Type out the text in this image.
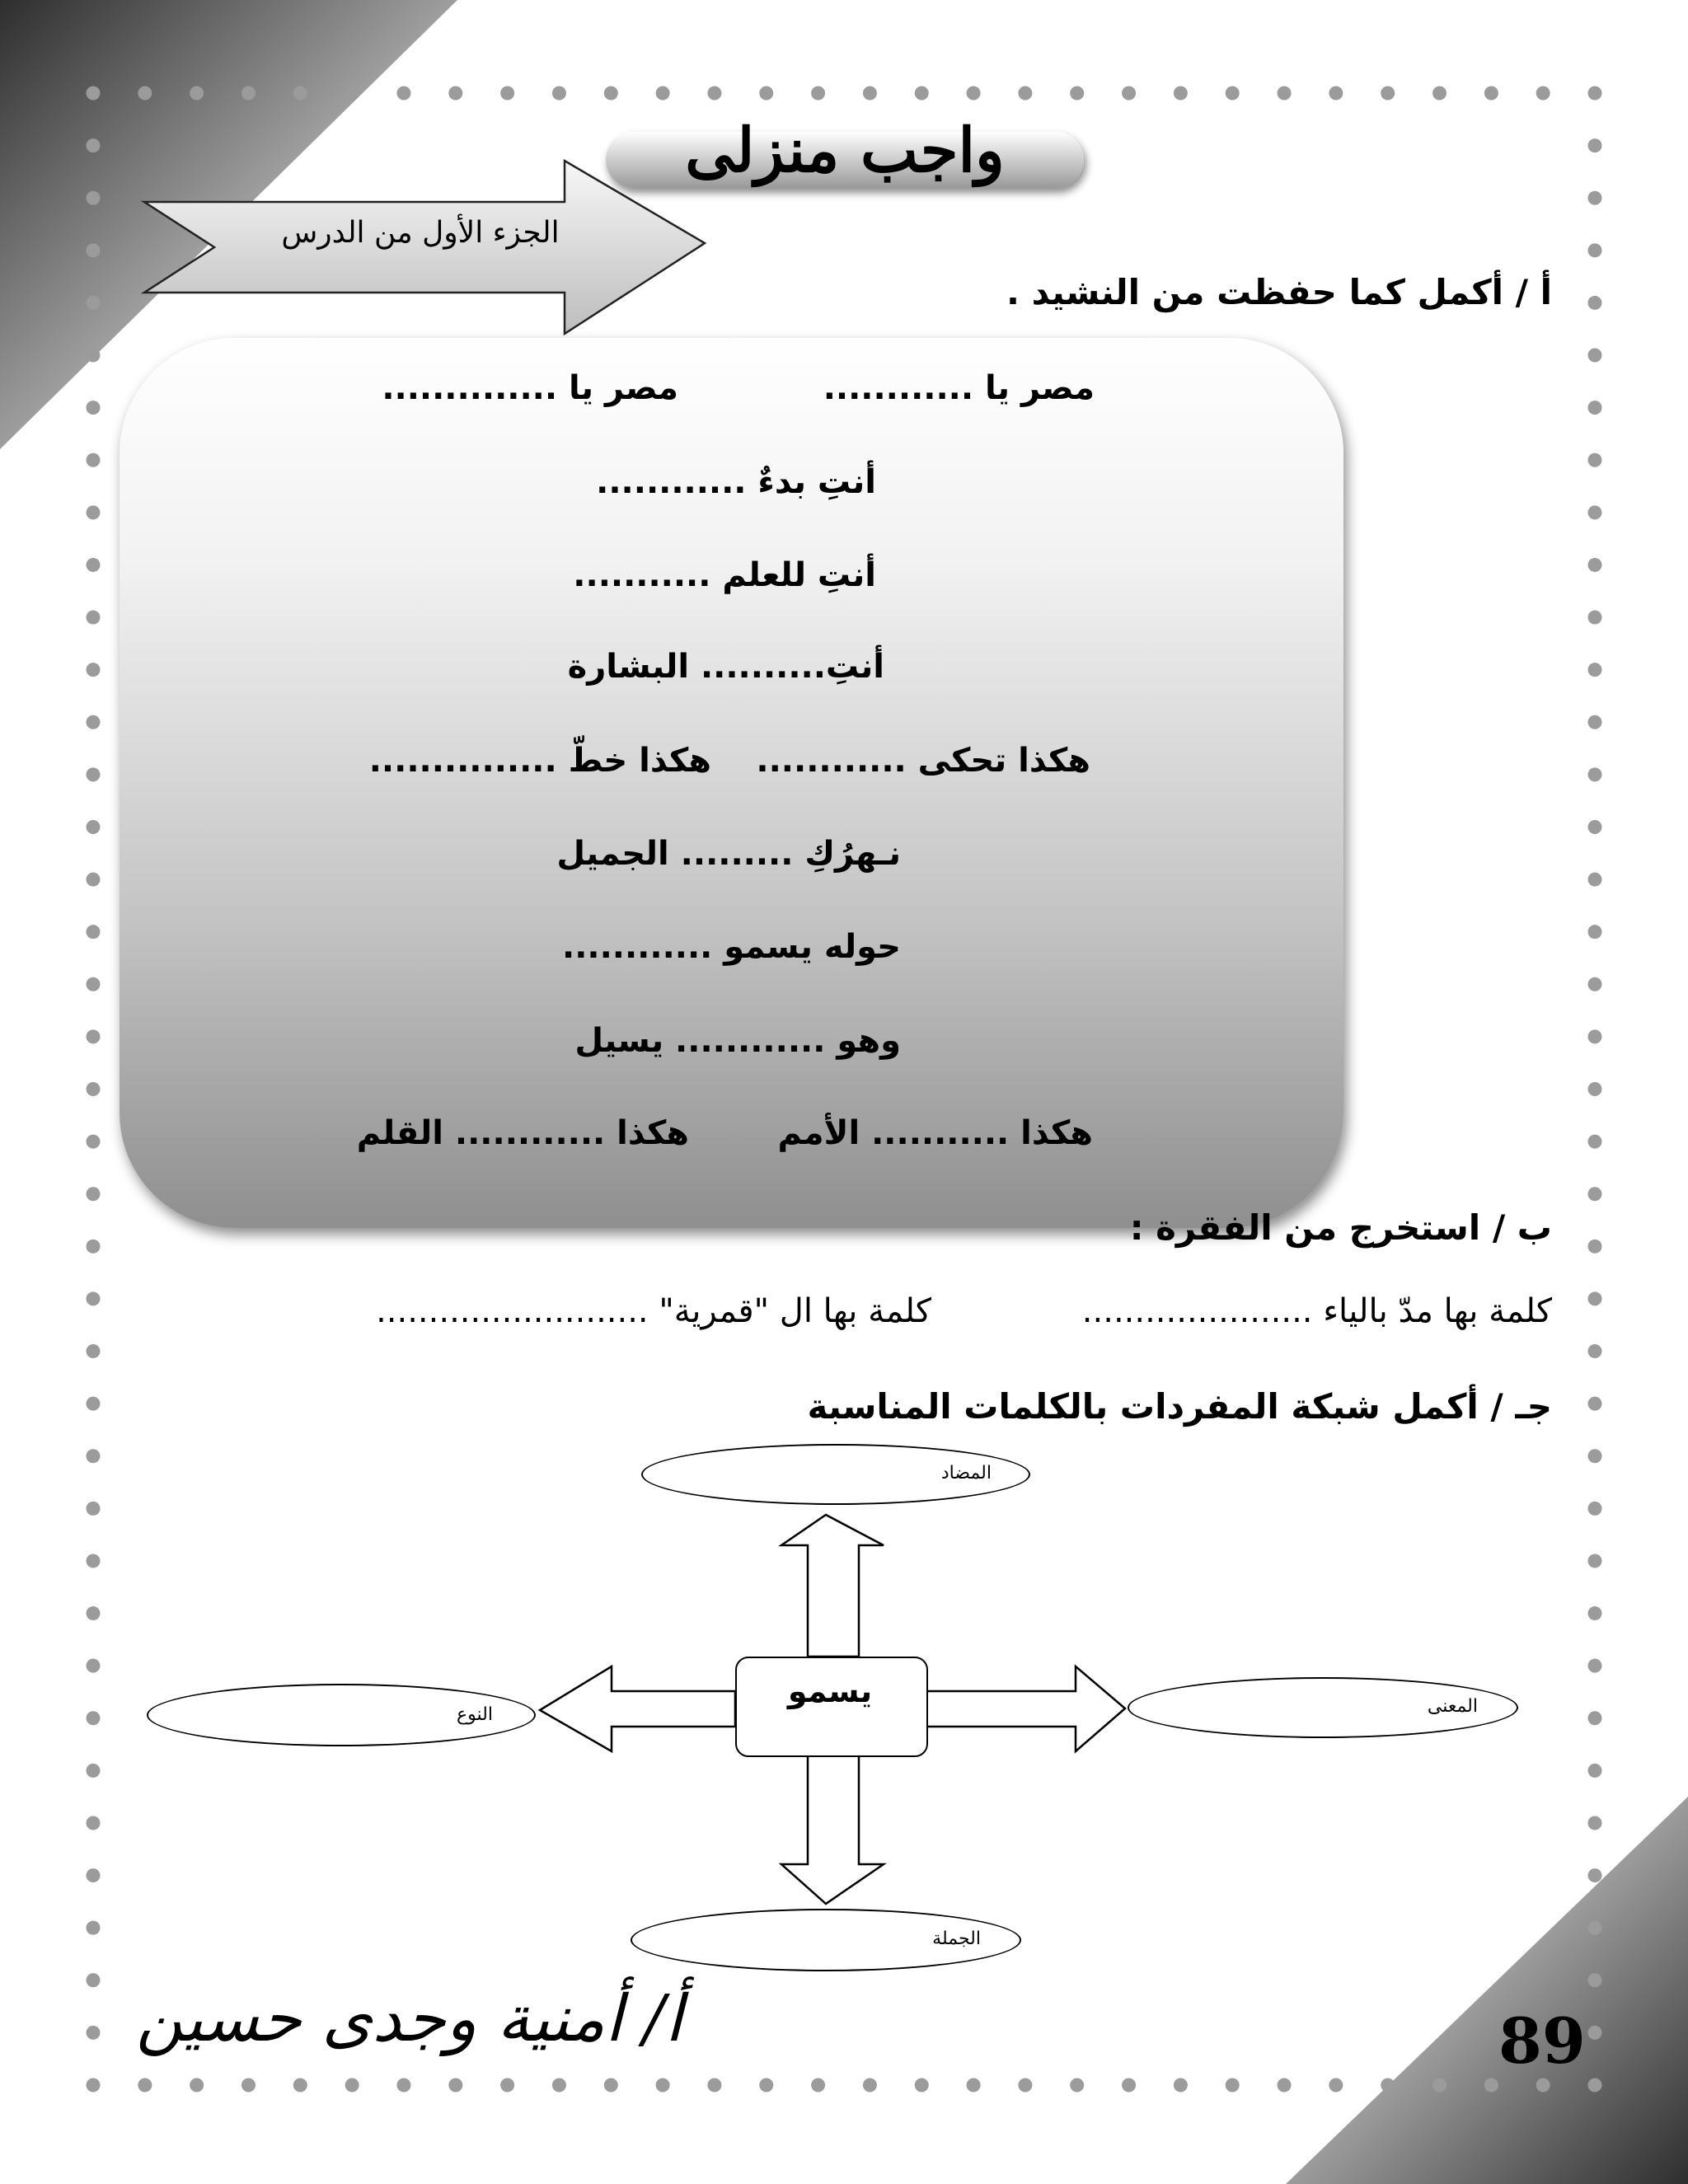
واجب منزلى
الجزء الأول من الدرس
أ / أكمل كما حفظت من النشيد .
مصر يا ............
مصر يا ..............
أنتِ بدءٌ ............
أنتِ للعلم ...........
أنتِ.......... البشارة
هكذا تحكى ............
هكذا خطّ ...............
نـهرُكِ ......... الجميل
حوله يسمو ............
وهو ............ يسيل
هكذا ........... الأمم
هكذا ............ القلم
ب / استخرج من الفقرة :
كلمة بها مدّ بالياء ......................
كلمة بها ال "قمرية" ..........................
جـ / أكمل شبكة المفردات بالكلمات المناسبة
المضاد
المعنى
النوع
الجملة
يسمو
89
أ/ أمنية وجدى حسين
